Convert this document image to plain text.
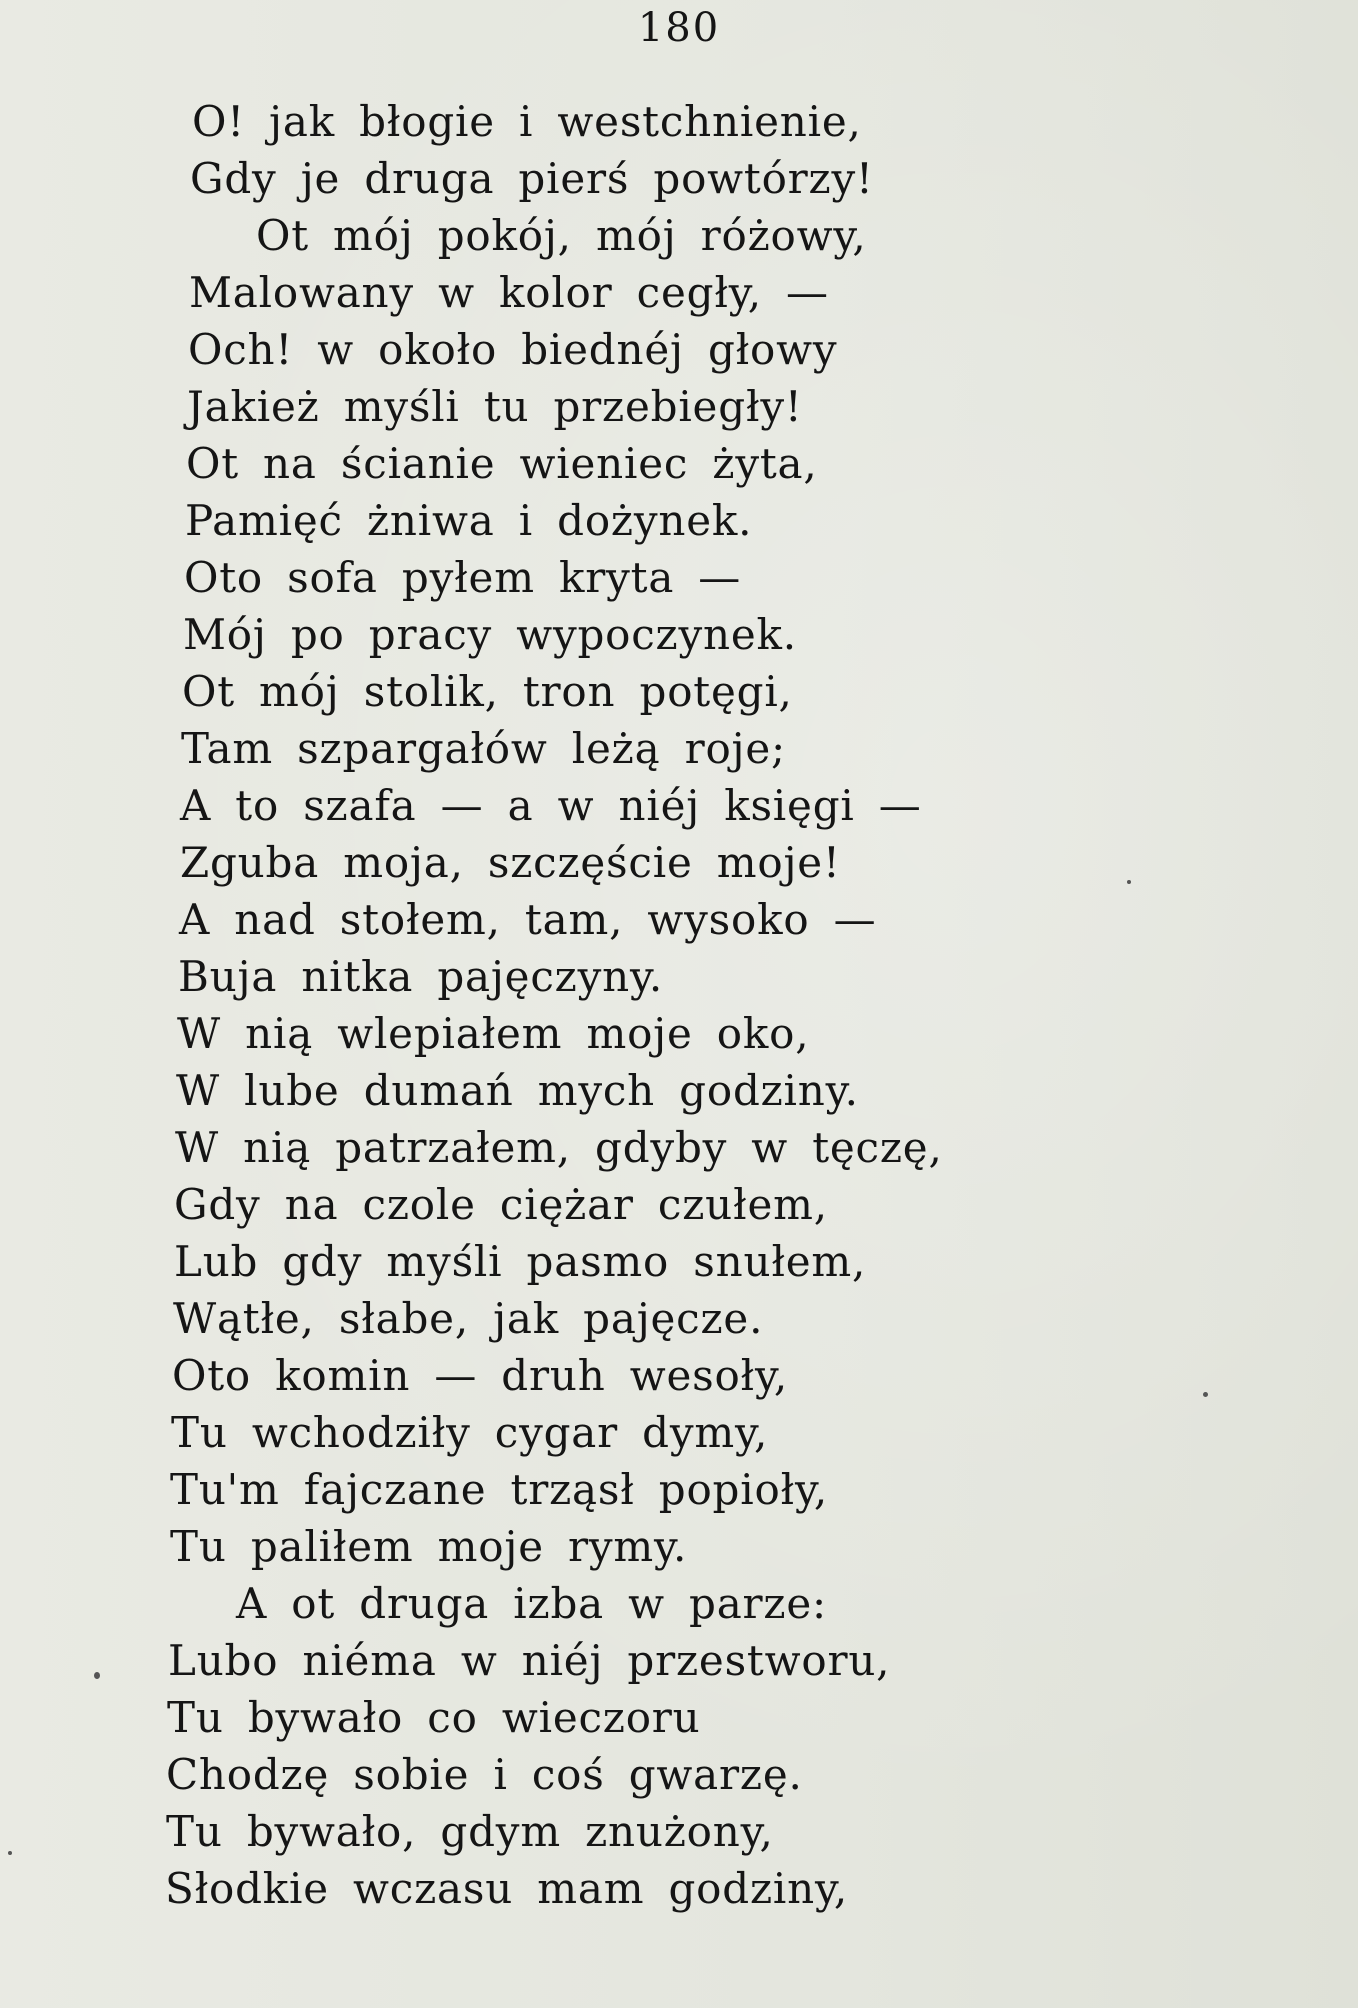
180
O! jak błogie i westchnienie,
Gdy je druga pierś powtórzy!
Ot mój pokój, mój różowy,
Malowany w kolor cegły, —
Och! w około biednéj głowy
Jakież myśli tu przebiegły!
Ot na ścianie wieniec żyta,
Pamięć żniwa i dożynek.
Oto sofa pyłem kryta —
Mój po pracy wypoczynek.
Ot mój stolik, tron potęgi,
Tam szpargałów leżą roje;
A to szafa — a w niéj księgi —
Zguba moja, szczęście moje!
A nad stołem, tam, wysoko —
Buja nitka pajęczyny.
W nią wlepiałem moje oko,
W lube dumań mych godziny.
W nią patrzałem, gdyby w tęczę,
Gdy na czole ciężar czułem,
Lub gdy myśli pasmo snułem,
Wątłe, słabe, jak pajęcze.
Oto komin — druh wesoły,
Tu wchodziły cygar dymy,
Tu'm fajczane trząsł popioły,
Tu paliłem moje rymy.
A ot druga izba w parze:
Lubo niéma w niéj przestworu,
Tu bywało co wieczoru
Chodzę sobie i coś gwarzę.
Tu bywało, gdym znużony,
Słodkie wczasu mam godziny,
